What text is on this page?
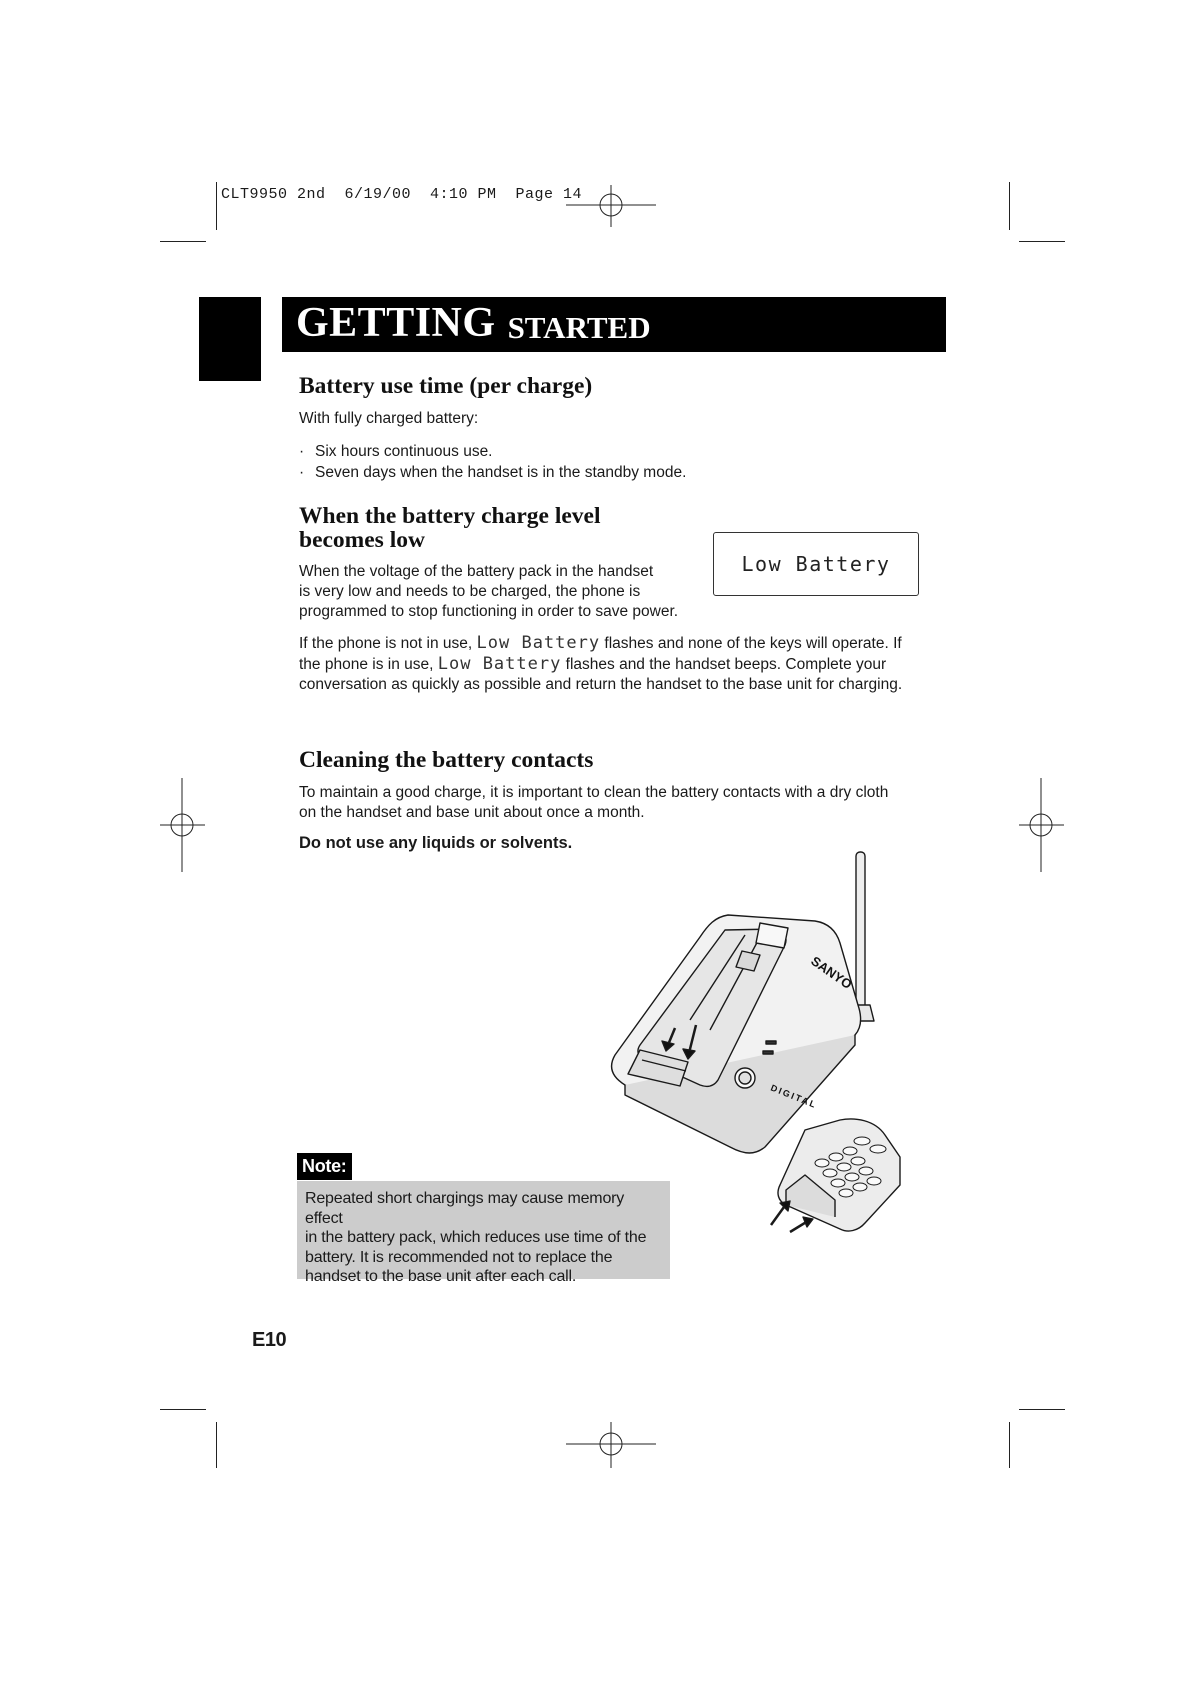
CLT9950 2nd  6/19/00  4:10 PM  Page 14
GETTING STARTED
Battery use time (per charge)
With fully charged battery:
· Six hours continuous use.
· Seven days when the handset is in the standby mode.
When the battery charge level
becomes low
When the voltage of the battery pack in the handset
is very low and needs to be charged, the phone is
programmed to stop functioning in order to save power.
Low Battery
If the phone is not in use, Low Battery flashes and none of the keys will operate. If
the phone is in use, Low Battery flashes and the handset beeps. Complete your
conversation as quickly as possible and return the handset to the base unit for charging.
Cleaning the battery contacts
To maintain a good charge, it is important to clean the battery contacts with a dry cloth
on the handset and base unit about once a month.
Do not use any liquids or solvents.
SANYO
DIGITAL
Note:
Repeated short chargings may cause memory effect
in the battery pack, which reduces use time of the
battery. It is recommended not to replace the
handset to the base unit after each call.
E10
